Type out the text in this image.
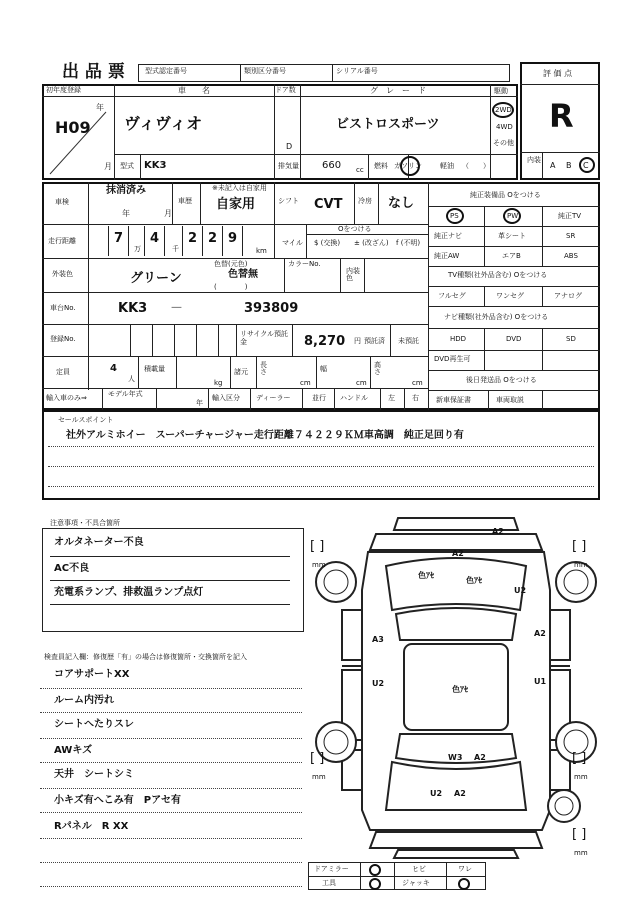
出 品 票	型式認定番号	類別区分番号	シリアル番号	評 価 点
R
初年度登録
H09
年
月
車　　名
ヴィヴィオ
ドア数
D
グ　レ　ー　ド
ビストロスポーツ
駆動
2WD
4WD
その他
型式 KK3	排気量 660 cc 燃料 ガソリン	軽油 （　　）
内装
A B C
車検
抹消済み
年	月
車歴
※未記入は自家用
自家用	シフト CVT 冷房 なし
走行距離	7
万
4
千
2 2 9
km
マイル
Oをつける
$ (交換) ± (改ざん) f (不明)
外装色	グリーン
色替(元色)
色替無
(　　　　)
カラーNo.
内装色
車台No.	KK3 －	393809
登録No.
リサイクル預託金	8,270 円 預託済 未預託
定員	4
人
積載量
kg
諸元
長さ
cm
幅
cm
高さ
cm
輸入車のみ⇒	モデル年式
年
輸入区分 ディーラー	並行 ハンドル	左 右
純正装備品 Oをつける
PS	PW	純正TV
純正ナビ	革シート	SR
純正AW	エアB	ABS
TV種類(社外品含む) Oをつける
フルセグ	ワンセグ	アナログ
ナビ種類(社外品含む) Oをつける
HDD	DVD	SD
DVD再生可
後日発送品 Oをつける
新車保証書	車両取説
セールスポイント
社外アルミホイー　スーパーチャージャー走行距離７４２２９ＫＭ車高調　純正足回り有
注意事項・不具合箇所
オルタネーター不良
AC不良
充電系ランプ、排救温ランプ点灯
検査員記入欄：修復歴「有」の場合は修復箇所・交換箇所を記入
コアサポートXX
ルーム内汚れ
シートへたりスレ
AWキズ
天井　シートシミ
小キズ有へこみ有　Pアセ有
Rパネル　R XX
[ ]
mm
[ ]
mm
[ ]
mm
[ ]
mm
[ ]
mm
A2
A2
色ｱｾ
色ｱｾ
U2
A3
A2
U2	U1
色ｱｾ
W3 A2
U2 A2
ドアミラー	ヒビ	ワレ
工具	ジャッキ
